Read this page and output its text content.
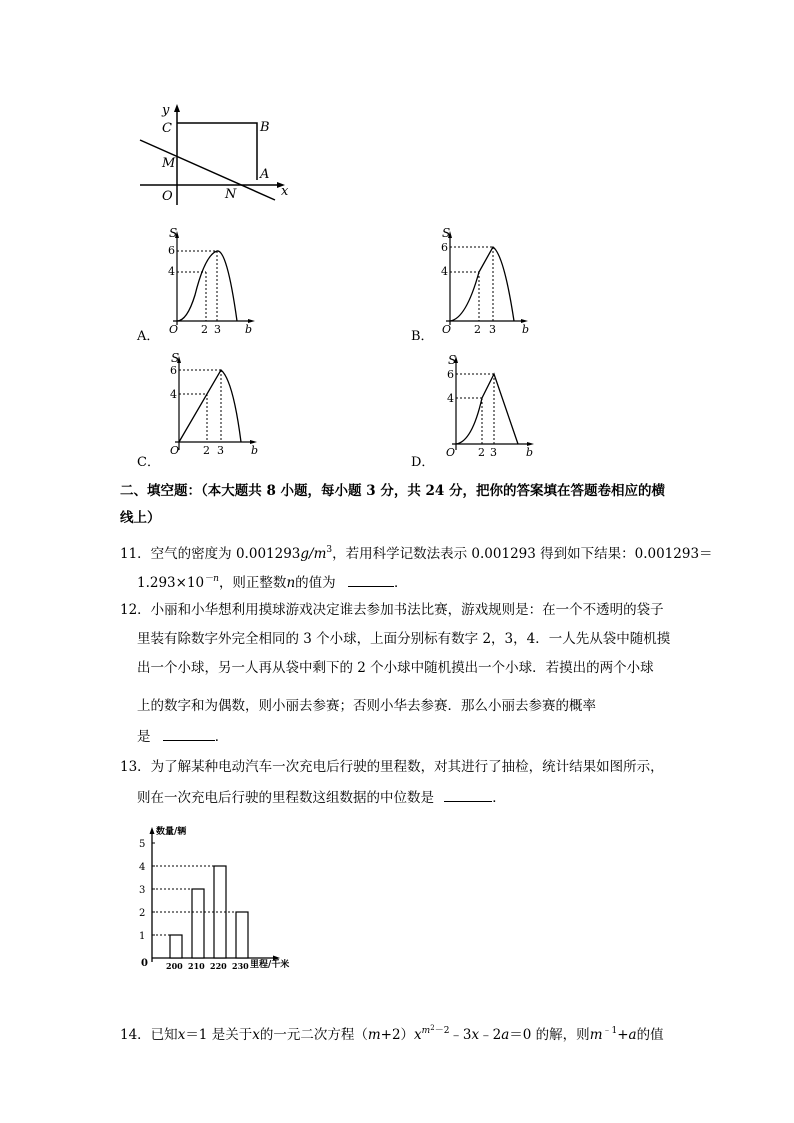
y
C	B
M
A
O	N	x
A．
S
6
4
O 2 3 b	B．
S
6
4
O 2 3 b
C．
S
6
4
O 2 3 b
D．
S
6
4
O 2 3	b
二、填空题：（本大题共 8 小题，每小题 3 分，共 24 分，把你的答案填在答题卷相应的横
线上）
11．空气的密度为 $0.001293g/m^3$，若用科学记数法表示 0.001293 得到如下结果：0.001293＝
$1.293\times 10^{-n}$，则正整数n的值为	．
12．小丽和小华想利用摸球游戏决定谁去参加书法比赛，游戏规则是：在一个不透明的袋子
里装有除数字外完全相同的 3 个小球，上面分别标有数字 2，3，4．一人先从袋中随机摸
出一个小球，另一人再从袋中剩下的 2 个小球中随机摸出一个小球．若摸出的两个小球
上的数字和为偶数，则小丽去参赛；否则小华去参赛．那么小丽去参赛的概率
是	．
13．为了解某种电动汽车一次充电后行驶的里程数，对其进行了抽检，统计结果如图所示，
则在一次充电后行驶的里程数这组数据的中位数是	．
数量/辆
里程/千米
0
1
2
3
4
5
200 210 220 230
14．已知x＝1 是关于x的一元二次方程$(m+2)x^{m^2-2}﹣3x﹣2a=0$ 的解，则$m^{﹣1}+a$的值
